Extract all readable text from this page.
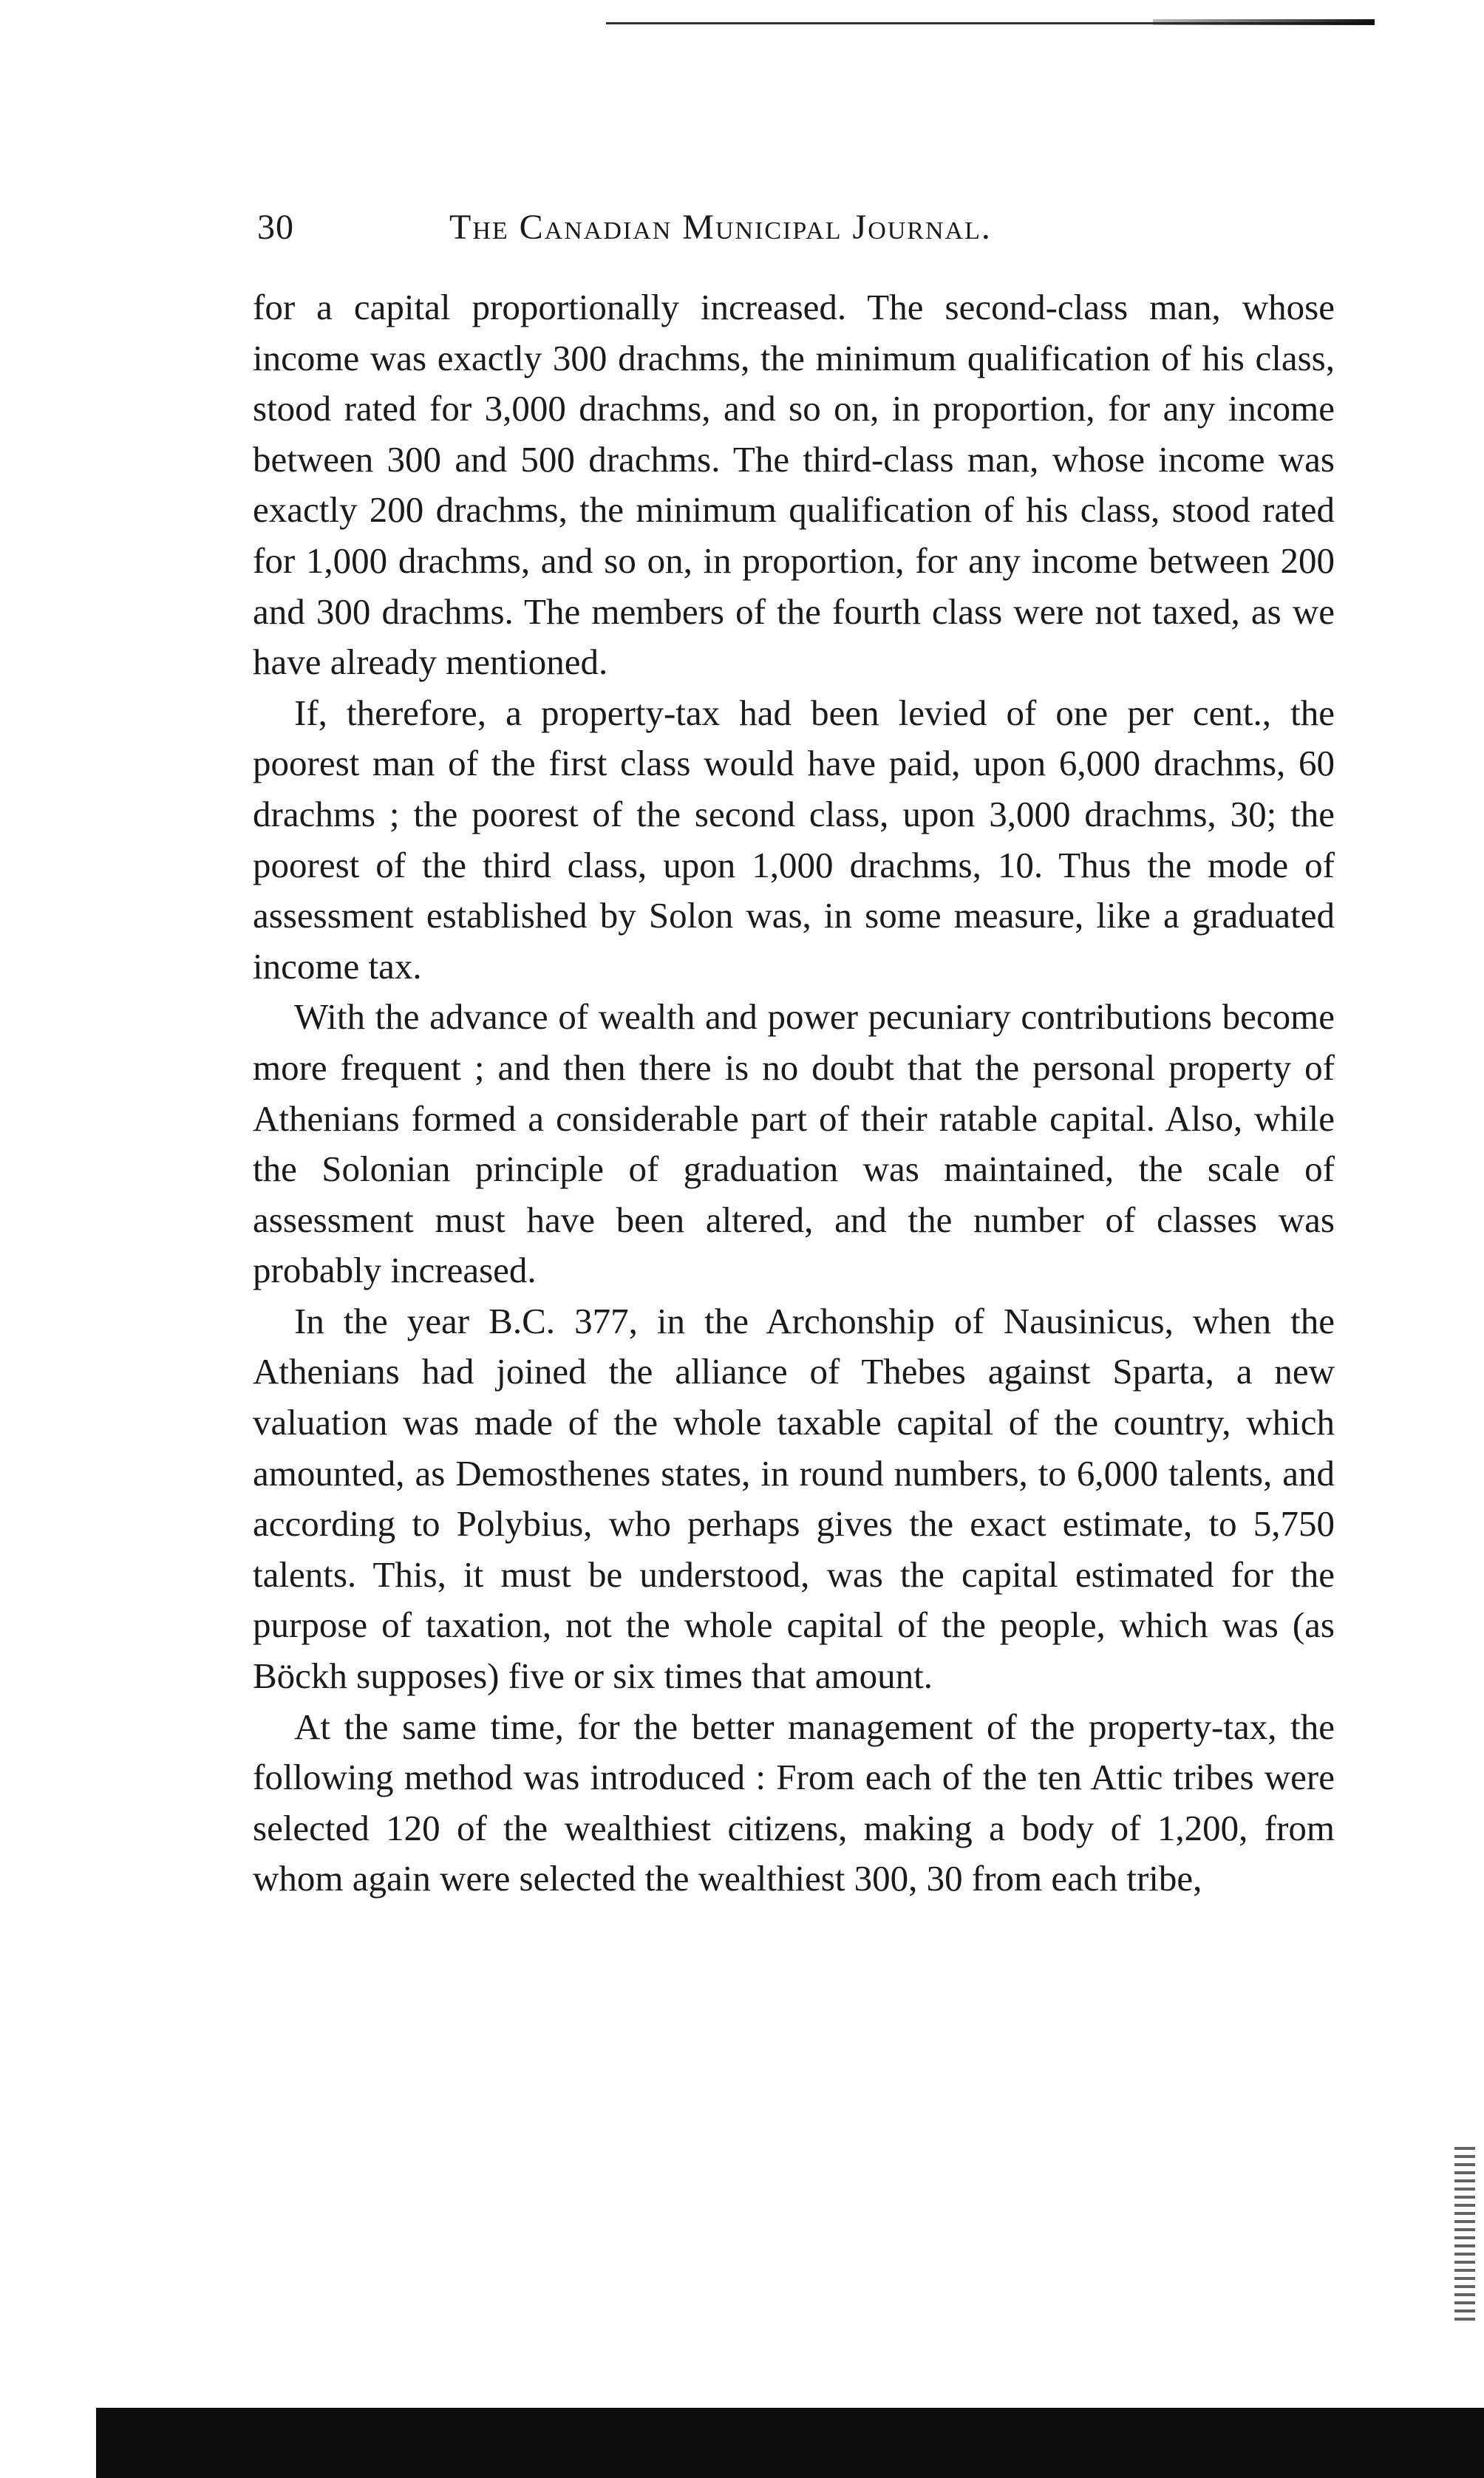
30	The Canadian Municipal Journal.

for a capital proportionally increased. The second-class man, whose income was exactly 300 drachms, the minimum qualification of his class, stood rated for 3,000 drachms, and so on, in proportion, for any income between 300 and 500 drachms. The third-class man, whose income was exactly 200 drachms, the minimum qualification of his class, stood rated for 1,000 drachms, and so on, in proportion, for any income between 200 and 300 drachms. The members of the fourth class were not taxed, as we have already mentioned.

If, therefore, a property-tax had been levied of one per cent., the poorest man of the first class would have paid, upon 6,000 drachms, 60 drachms ; the poorest of the second class, upon 3,000 drachms, 30; the poorest of the third class, upon 1,000 drachms, 10. Thus the mode of assessment established by Solon was, in some measure, like a graduated income tax.

With the advance of wealth and power pecuniary contributions become more frequent ; and then there is no doubt that the personal property of Athenians formed a considerable part of their ratable capital. Also, while the Solonian principle of graduation was maintained, the scale of assessment must have been altered, and the number of classes was probably increased.

In the year B.C. 377, in the Archonship of Nausinicus, when the Athenians had joined the alliance of Thebes against Sparta, a new valuation was made of the whole taxable capital of the country, which amounted, as Demosthenes states, in round numbers, to 6,000 talents, and according to Polybius, who perhaps gives the exact estimate, to 5,750 talents. This, it must be understood, was the capital estimated for the purpose of taxation, not the whole capital of the people, which was (as Böckh supposes) five or six times that amount.

At the same time, for the better management of the property-tax, the following method was introduced : From each of the ten Attic tribes were selected 120 of the wealthiest citizens, making a body of 1,200, from whom again were selected the wealthiest 300, 30 from each tribe,
